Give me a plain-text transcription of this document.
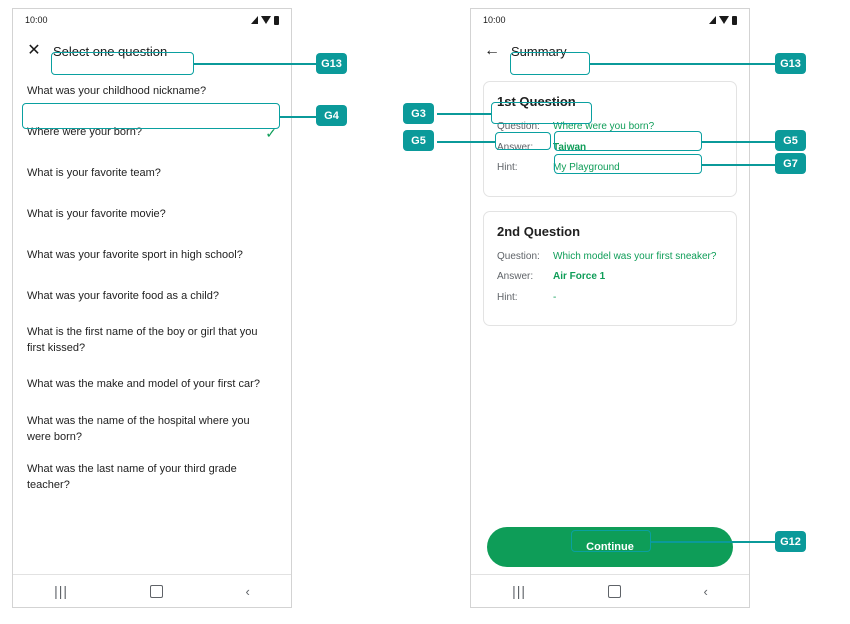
10:00
✕ Select one question
What was your childhood nickname?
Where were your born?	✓
What is your favorite team?
What is your favorite movie?
What was your favorite sport in high school?
What was your favorite food as a child?
What is the first name of the boy or girl that you first kissed?
What was the make and model of your first car?
What was the name of the hospital where you were born?
What was the last name of your third grade teacher?
|||	‹
10:00
← Summary
1st Question
Question:	Where were you born?
Answer:	Taiwan
Hint:	My Playground
2nd Question
Question:	Which model was your first sneaker?
Answer:	Air Force 1
Hint:	-
Continue
|||	‹
G13
G4
G13
G3
G5	G5
G7
G12
